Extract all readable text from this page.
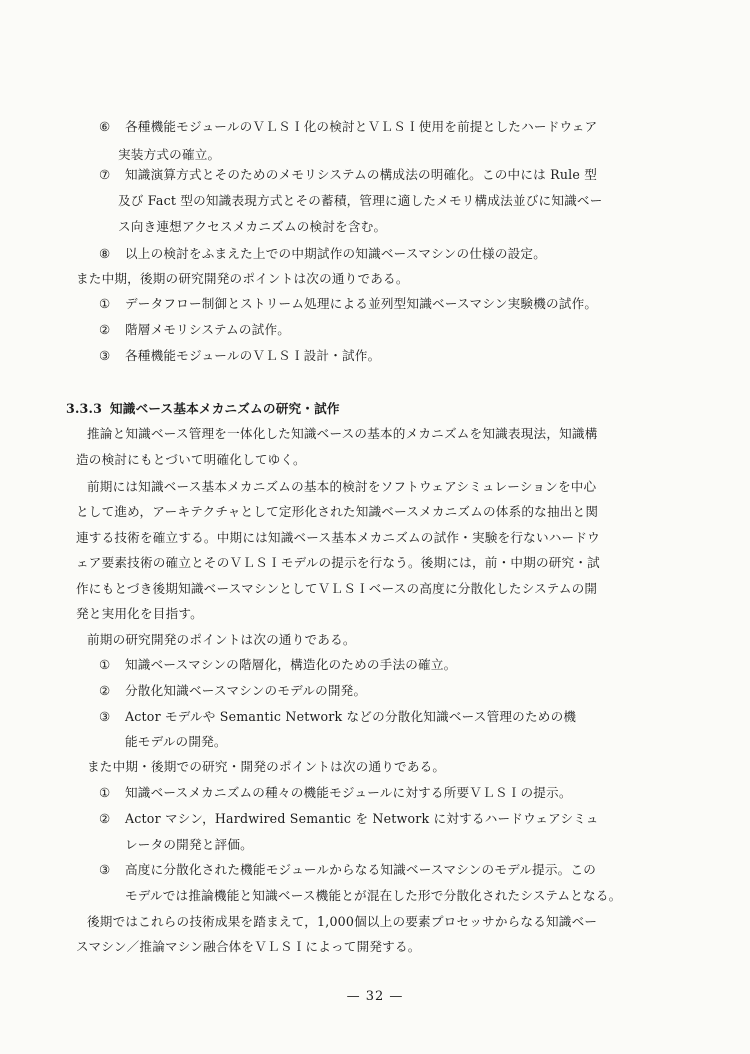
⑥ 各種機能モジュールのＶＬＳＩ化の検討とＶＬＳＩ使用を前提としたハードウェア

実装方式の確立。

⑦ 知識演算方式とそのためのメモリシステムの構成法の明確化。この中には Rule 型

及び Fact 型の知識表現方式とその蓄積，管理に適したメモリ構成法並びに知識ベー

ス向き連想アクセスメカニズムの検討を含む。

⑧ 以上の検討をふまえた上での中期試作の知識ベースマシンの仕様の設定。

また中期，後期の研究開発のポイントは次の通りである。

① データフロー制御とストリーム処理による並列型知識ベースマシン実験機の試作。

② 階層メモリシステムの試作。

③ 各種機能モジュールのＶＬＳＩ設計・試作。

3.3.3 知識ベース基本メカニズムの研究・試作

推論と知識ベース管理を一体化した知識ベースの基本的メカニズムを知識表現法，知識構

造の検討にもとづいて明確化してゆく。

前期には知識ベース基本メカニズムの基本的検討をソフトウェアシミュレーションを中心

として進め，アーキテクチャとして定形化された知識ベースメカニズムの体系的な抽出と関

連する技術を確立する。中期には知識ベース基本メカニズムの試作・実験を行ないハードウ

ェア要素技術の確立とそのＶＬＳＩモデルの提示を行なう。後期には，前・中期の研究・試

作にもとづき後期知識ベースマシンとしてＶＬＳＩベースの高度に分散化したシステムの開

発と実用化を目指す。

前期の研究開発のポイントは次の通りである。

① 知識ベースマシンの階層化，構造化のための手法の確立。

② 分散化知識ベースマシンのモデルの開発。

③ Actor モデルや Semantic Network などの分散化知識ベース管理のための機

能モデルの開発。

また中期・後期での研究・開発のポイントは次の通りである。

① 知識ベースメカニズムの種々の機能モジュールに対する所要ＶＬＳＩの提示。

② Actor マシン，Hardwired Semantic を Network に対するハードウェアシミュ

レータの開発と評価。

③ 高度に分散化された機能モジュールからなる知識ベースマシンのモデル提示。この

モデルでは推論機能と知識ベース機能とが混在した形で分散化されたシステムとなる。

後期ではこれらの技術成果を踏まえて，1,000個以上の要素プロセッサからなる知識ベー

スマシン／推論マシン融合体をＶＬＳＩによって開発する。

— 32 —
